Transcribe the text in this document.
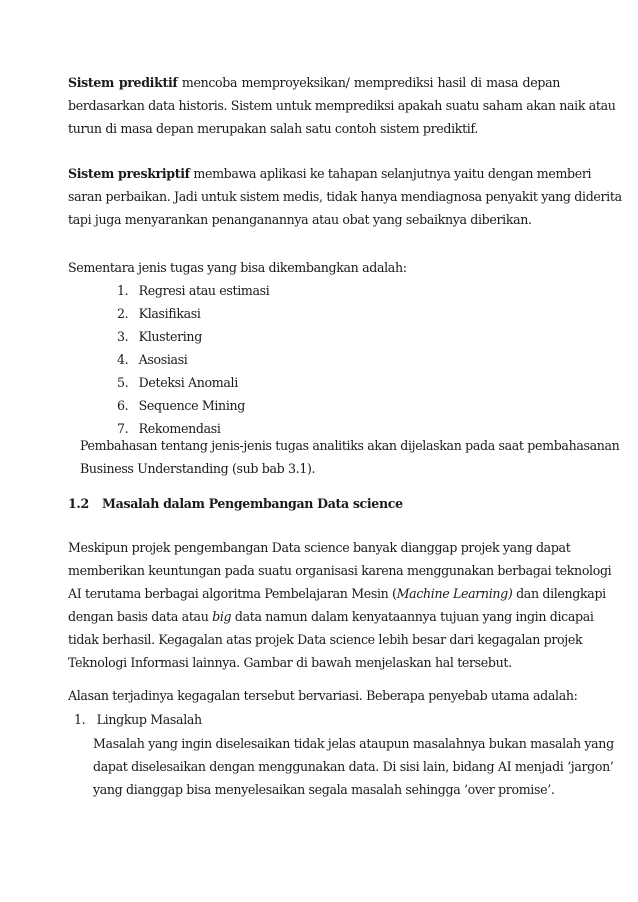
Sistem prediktif mencoba memproyeksikan/ memprediksi hasil di masa depan
berdasarkan data historis. Sistem untuk memprediksi apakah suatu saham akan naik atau
turun di masa depan merupakan salah satu contoh sistem prediktif.
Sistem preskriptif membawa aplikasi ke tahapan selanjutnya yaitu dengan memberi
saran perbaikan. Jadi untuk sistem medis, tidak hanya mendiagnosa penyakit yang diderita
tapi juga menyarankan penanganannya atau obat yang sebaiknya diberikan.
Sementara jenis tugas yang bisa dikembangkan adalah:
1. Regresi atau estimasi
2. Klasifikasi
3. Klustering
4. Asosiasi
5. Deteksi Anomali
6. Sequence Mining
7. Rekomendasi
Pembahasan tentang jenis-jenis tugas analitiks akan dijelaskan pada saat pembahasanan
Business Understanding (sub bab 3.1).
1.2 Masalah dalam Pengembangan Data science
Meskipun projek pengembangan Data science banyak dianggap projek yang dapat
memberikan keuntungan pada suatu organisasi karena menggunakan berbagai teknologi
AI terutama berbagai algoritma Pembelajaran Mesin (Machine Learning) dan dilengkapi
dengan basis data atau big data namun dalam kenyataannya tujuan yang ingin dicapai
tidak berhasil. Kegagalan atas projek Data science lebih besar dari kegagalan projek
Teknologi Informasi lainnya. Gambar di bawah menjelaskan hal tersebut.
Alasan terjadinya kegagalan tersebut bervariasi. Beberapa penyebab utama adalah:
1. Lingkup Masalah
Masalah yang ingin diselesaikan tidak jelas ataupun masalahnya bukan masalah yang
dapat diselesaikan dengan menggunakan data. Di sisi lain, bidang AI menjadi ‘jargon’
yang dianggap bisa menyelesaikan segala masalah sehingga ‘over promise’.
